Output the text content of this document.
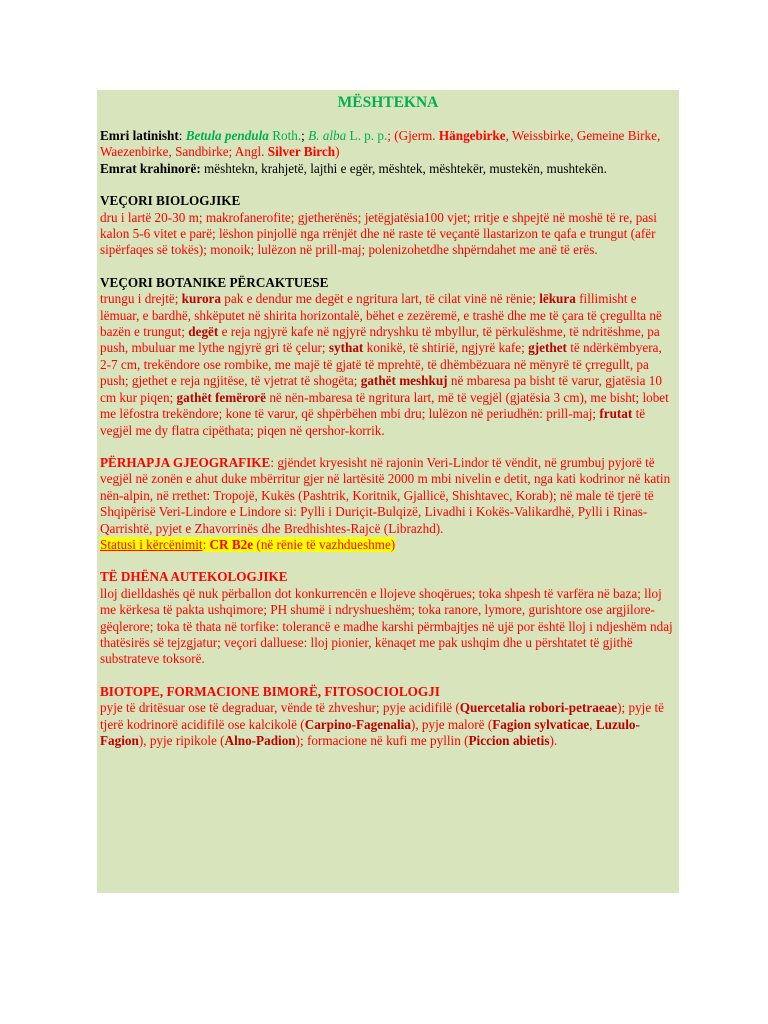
MËSHTEKNA

Emri latinisht: Betula pendula Roth.; B. alba L. p. p.; (Gjerm. Hängebirke, Weissbirke, Gemeine Birke, Waezenbirke, Sandbirke; Angl. Silver Birch)

Emrat krahinorë: mështekn, krahjetë, lajthi e egër, mështek, mështekër, mustekën, mushtekën.

VEÇORI BIOLOGJIKE

dru i lartë 20-30 m; makrofanerofite; gjetherënës; jetëgjatësia100 vjet; rritje e shpejtë në moshë të re, pasi kalon 5-6 vitet e parë; lëshon pinjollë nga rrënjët dhe në raste të veçantë llastarizon te qafa e trungut (afër sipërfaqes së tokës); monoik; lulëzon në prill-maj; polenizohetdhe shpërndahet me anë të erës.

VEÇORI BOTANIKE PËRCAKTUESE

trungu i drejtë; kurora pak e dendur me degët e ngritura lart, të cilat vinë në rënie; lëkura fillimisht e lëmuar, e bardhë, shkëputet në shirita horizontalë, bëhet e zezëremë, e trashë dhe me të çara të çregullta në bazën e trungut; degët e reja ngjyrë kafe në ngjyrë ndryshku të mbyllur, të përkulëshme, të ndritëshme, pa push, mbuluar me lythe ngjyrë gri të çelur; sythat konikë, të shtirië, ngjyrë kafe; gjethet të ndërkëmbyera, 2-7 cm, trekëndore ose rombike, me majë të gjatë të mprehtë, të dhëmbëzuara në mënyrë të çrregullt, pa push; gjethet e reja ngjitëse, të vjetrat të shogëta; gathët meshkuj në mbaresa pa bisht të varur, gjatësia 10 cm kur piqen; gathët femërorë në nën-mbaresa të ngritura lart, më të vegjël (gjatësia 3 cm), me bisht; lobet me lëfostra trekëndore; kone të varur, që shpërbëhen mbi dru; lulëzon në periudhën: prill-maj; frutat të vegjël me dy flatra cipëthata; piqen në qershor-korrik.

PËRHAPJA GJEOGRAFIKE: gjëndet kryesisht në rajonin Veri-Lindor të vëndit, në grumbuj pyjorë të vegjël në zonën e ahut duke mbërritur gjer në lartësitë 2000 m mbi nivelin e detit, nga kati kodrinor në katin nën-alpin, në rrethet: Tropojë, Kukës (Pashtrik, Koritnik, Gjallicë, Shishtavec, Korab); në male të tjerë të Shqipërisë Veri-Lindore e Lindore si: Pylli i Duriçit-Bulqizë, Livadhi i Kokës-Valikardhë, Pylli i Rinas-Qarrishtë, pyjet e Zhavorrinës dhe Bredhishtes-Rajcë (Librazhd).

Statusi i kërcënimit: CR B2e (në rënie të vazhdueshme)

TË DHËNA AUTEKOLOGJIKE

lloj dielldashës që nuk përballon dot konkurrencën e llojeve shoqërues; toka shpesh të varfëra në baza; lloj me kërkesa të pakta ushqimore; PH shumë i ndryshueshëm; toka ranore, lymore, gurishtore ose argjilore-gëqlerore; toka të thata në torfike: tolerancë e madhe karshi përmbajtjes në ujë por është lloj i ndjeshëm ndaj thatësirës së tejzgjatur; veçori dalluese: lloj pionier, kënaqet me pak ushqim dhe u përshtatet të gjithë substrateve toksorë.

BIOTOPE, FORMACIONE BIMORË, FITOSOCIOLOGJI

pyje të dritësuar ose të degraduar, vënde të zhveshur; pyje acidifilë (Quercetalia robori-petraeae); pyje të tjerë kodrinorë acidifilë ose kalcikolë (Carpino-Fagenalia), pyje malorë (Fagion sylvaticae, Luzulo-Fagion), pyje ripikole (Alno-Padion); formacione në kufi me pyllin (Piccion abietis).
